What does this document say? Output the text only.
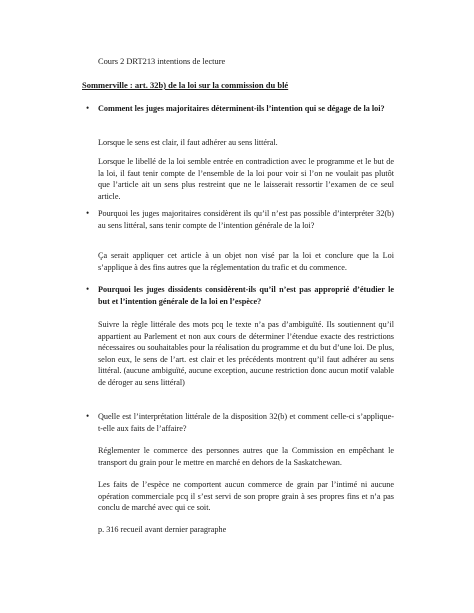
Cours 2 DRT213 intentions de lecture
Sommerville : art. 32b) de la loi sur la commission du blé
• Comment les juges majoritaires déterminent-ils l’intention qui se dégage de la loi?
Lorsque le sens est clair, il faut adhérer au sens littéral.
Lorsque le libellé de la loi semble entrée en contradiction avec le programme et le but de la loi, il faut tenir compte de l’ensemble de la loi pour voir si l’on ne voulait pas plutôt que l’article ait un sens plus restreint que ne le laisserait ressortir l’examen de ce seul article.
• Pourquoi les juges majoritaires considèrent ils qu’il n’est pas possible d’interpréter 32(b) au sens littéral, sans tenir compte de l’intention générale de la loi?
Ça serait appliquer cet article à un objet non visé par la loi et conclure que la Loi s’applique à des fins autres que la réglementation du trafic et du commence.
• Pourquoi les juges dissidents considèrent-ils qu’il n’est pas approprié d’étudier le but et l’intention générale de la loi en l’espèce?
Suivre la règle littérale des mots pcq le texte n’a pas d’ambiguïté. Ils soutiennent qu’il appartient au Parlement et non aux cours de déterminer l’étendue exacte des restrictions nécessaires ou souhaitables pour la réalisation du programme et du but d’une loi. De plus, selon eux, le sens de l’art. est clair et les précédents montrent qu’il faut adhérer au sens littéral. (aucune ambiguïté, aucune exception, aucune restriction donc aucun motif valable de déroger au sens littéral)
• Quelle est l’interprétation littérale de la disposition 32(b) et comment celle-ci s’applique-t-elle aux faits de l’affaire?
Réglementer le commerce des personnes autres que la Commission en empêchant le transport du grain pour le mettre en marché en dehors de la Saskatchewan.
Les faits de l’espèce ne comportent aucun commerce de grain par l’intimé ni aucune opération commerciale pcq il s’est servi de son propre grain à ses propres fins et n’a pas conclu de marché avec qui ce soit.
p. 316 recueil avant dernier paragraphe
